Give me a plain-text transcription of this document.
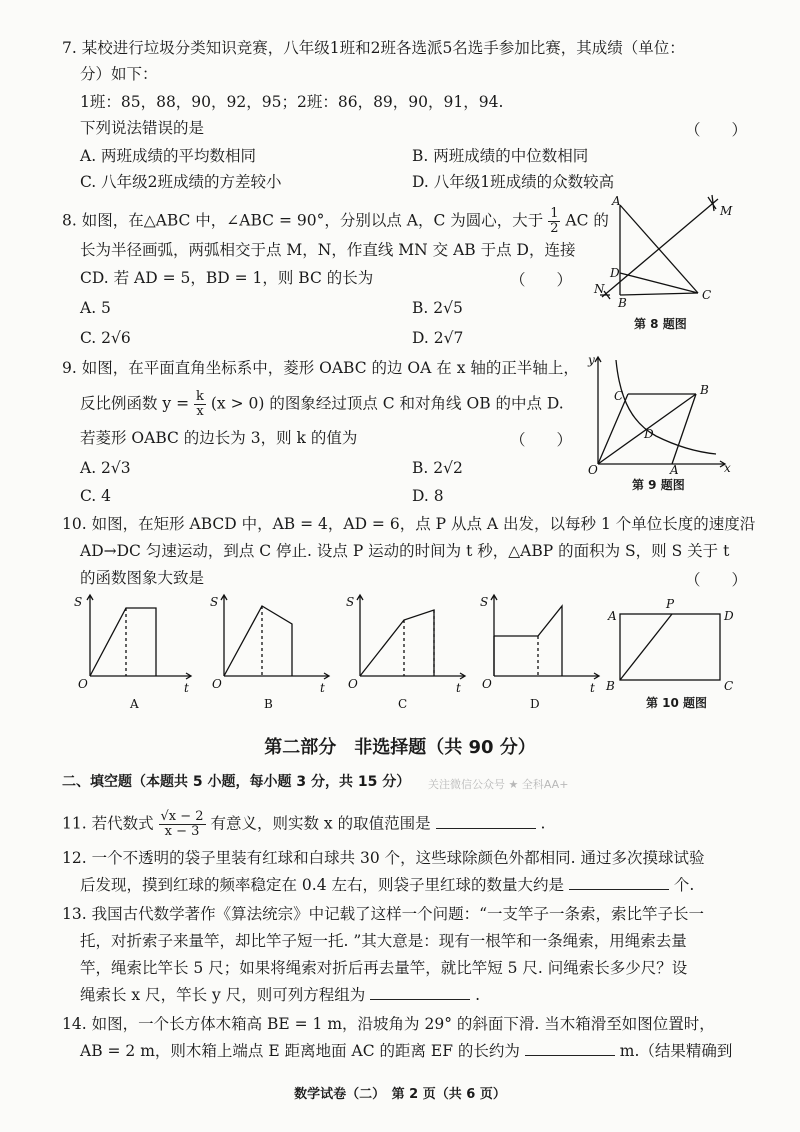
7. 某校进行垃圾分类知识竞赛，八年级1班和2班各选派5名选手参加比赛，其成绩（单位：
分）如下：
1班：85，88，90，92，95；2班：86，89，90，91，94.
下列说法错误的是	（　　）
A. 两班成绩的平均数相同	B. 两班成绩的中位数相同
C. 八年级2班成绩的方差较小	D. 八年级1班成绩的众数较高
8. 如图，在△ABC 中，∠ABC = 90°，分别以点 A，C 为圆心，大于 $\frac{1}{2}$ AC 的
长为半径画弧，两弧相交于点 M，N，作直线 MN 交 AB 于点 D，连接
CD. 若 AD = 5，BD = 1，则 BC 的长为	（　　）
A. 5	B. 2√5
C. 2√6	D. 2√7
A
M
D
N
B
C
第 8 题图
9. 如图，在平面直角坐标系中，菱形 OABC 的边 OA 在 x 轴的正半轴上，
反比例函数 $y = \frac{k}{x} (x > 0)$ 的图象经过顶点 C 和对角线 OB 的中点 D.
若菱形 OABC 的边长为 3，则 k 的值为	（　　）
A. 2√3	B. 2√2
C. 4	D. 8
y
x
O	A
B
C
D
第 9 题图
10. 如图，在矩形 ABCD 中，AB = 4，AD = 6，点 P 从点 A 出发，以每秒 1 个单位长度的速度沿
AD→DC 匀速运动，到点 C 停止. 设点 P 运动的时间为 t 秒，△ABP 的面积为 S，则 S 关于 t
的函数图象大致是	（　　）
S
t
O
A
S
t
O
B
S
t
O
C
S
t
O
D
A
P
D
B	C
第 10 题图
第二部分　非选择题（共 90 分）
二、填空题（本题共 5 小题，每小题 3 分，共 15 分） 关注微信公众号 ★ 全科AA+
11. 若代数式 $\frac{√x - 2}{x - 3}$ 有意义，则实数 x 的取值范围是	.
12. 一个不透明的袋子里装有红球和白球共 30 个，这些球除颜色外都相同. 通过多次摸球试验
后发现，摸到红球的频率稳定在 0.4 左右，则袋子里红球的数量大约是	个.
13. 我国古代数学著作《算法统宗》中记载了这样一个问题：“一支竿子一条索，索比竿子长一
托，对折索子来量竿，却比竿子短一托. ”其大意是：现有一根竿和一条绳索，用绳索去量
竿，绳索比竿长 5 尺；如果将绳索对折后再去量竿，就比竿短 5 尺. 问绳索长多少尺？设
绳索长 x 尺，竿长 y 尺，则可列方程组为	.
14. 如图，一个长方体木箱高 BE = 1 m，沿坡角为 29° 的斜面下滑. 当木箱滑至如图位置时，
AB = 2 m，则木箱上端点 E 距离地面 AC 的距离 EF 的长约为	m.（结果精确到
数学试卷（二）　第 2 页（共 6 页）
